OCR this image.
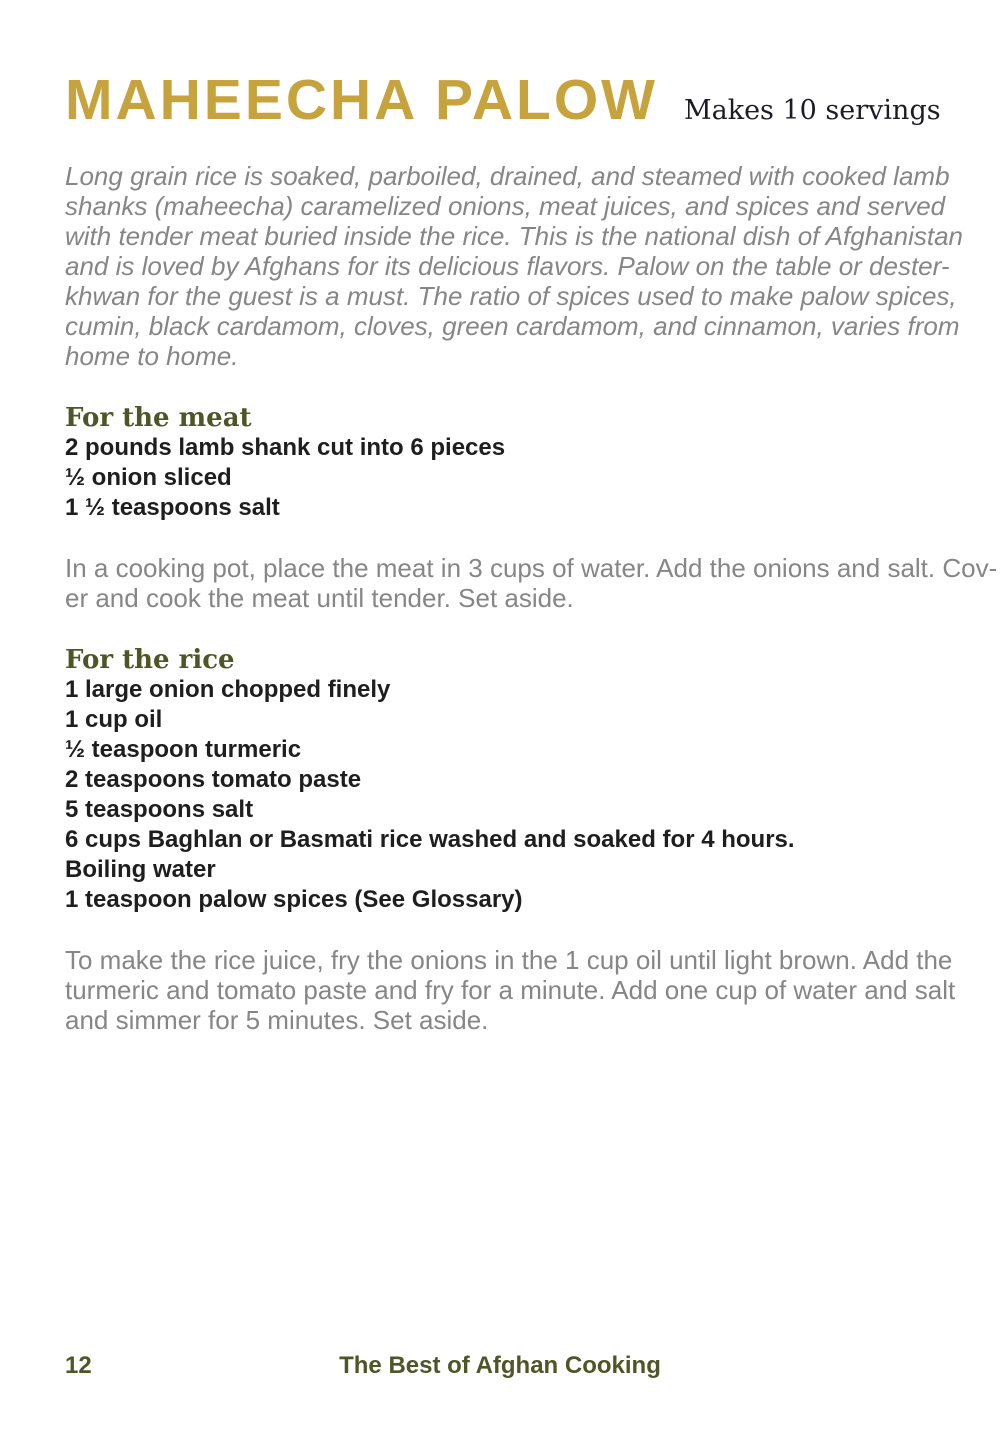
MAHEECHA PALOW Makes 10 servings
Long grain rice is soaked, parboiled, drained, and steamed with cooked lamb
shanks (maheecha) caramelized onions, meat juices, and spices and served
with tender meat buried inside the rice. This is the national dish of Afghanistan
and is loved by Afghans for its delicious flavors. Palow on the table or dester-
khwan for the guest is a must. The ratio of spices used to make palow spices,
cumin, black cardamom, cloves, green cardamom, and cinnamon, varies from
home to home.
For the meat
2 pounds lamb shank cut into 6 pieces
½ onion sliced
1 ½ teaspoons salt
In a cooking pot, place the meat in 3 cups of water. Add the onions and salt. Cov-
er and cook the meat until tender. Set aside.
For the rice
1 large onion chopped finely
1 cup oil
½ teaspoon turmeric
2 teaspoons tomato paste
5 teaspoons salt
6 cups Baghlan or Basmati rice washed and soaked for 4 hours.
Boiling water
1 teaspoon palow spices (See Glossary)
To make the rice juice, fry the onions in the 1 cup oil until light brown. Add the
turmeric and tomato paste and fry for a minute. Add one cup of water and salt
and simmer for 5 minutes. Set aside.
12	The Best of Afghan Cooking
